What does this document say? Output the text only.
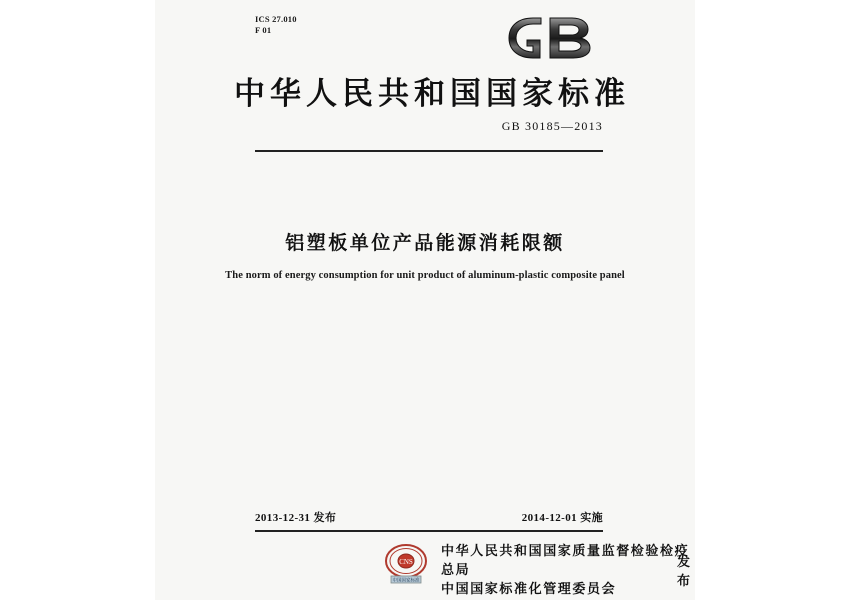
ICS 27.010
F 01
中华人民共和国国家标准
GB 30185—2013
铝塑板单位产品能源消耗限额
The norm of energy consumption for unit product of aluminum-plastic composite panel
2013-12-31 发布	2014-12-01 实施
CNS
中国国家标准
中华人民共和国国家质量监督检验检疫总局
中国国家标准化管理委员会
发 布
